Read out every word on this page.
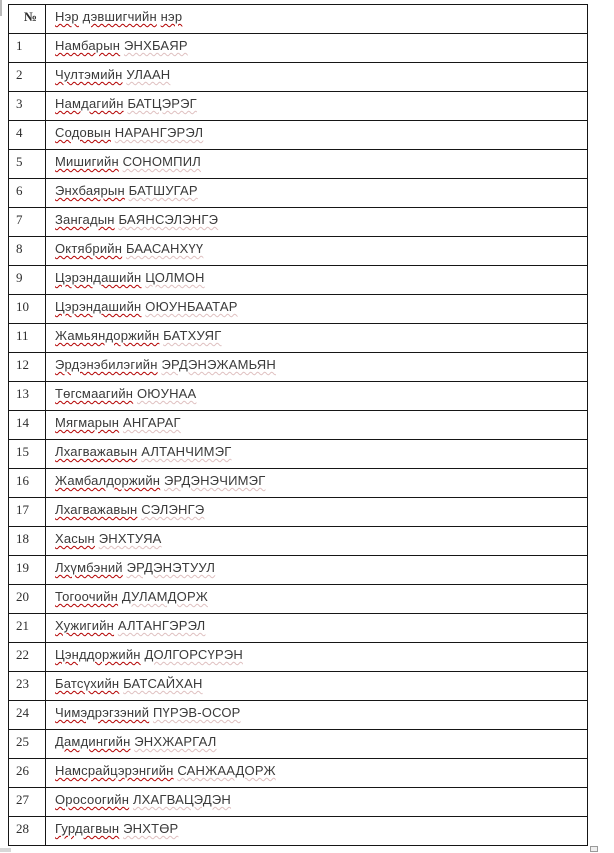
№	Нэр дэвшигчийн нэр
1	Намбарын ЭНХБАЯР
2	Чултэмийн УЛААН
3	Намдагийн БАТЦЭРЭГ
4	Содовын НАРАНГЭРЭЛ
5	Мишигийн СОНОМПИЛ
6	Энхбаярын БАТШУГАР
7	Зангадын БАЯНСЭЛЭНГЭ
8	Октябрийн БААСАНХҮҮ
9	Цэрэндашийн ЦОЛМОН
10	Цэрэндашийн ОЮУНБААТАР
11	Жамьяндоржийн БАТХУЯГ
12	Эрдэнэбилэгийн ЭРДЭНЭЖАМЬЯН
13	Төгсмаагийн ОЮУНАА
14	Мягмарын АНГАРАГ
15	Лхагважавын АЛТАНЧИМЭГ
16	Жамбалдоржийн ЭРДЭНЭЧИМЭГ
17	Лхагважавын СЭЛЭНГЭ
18	Хасын ЭНХТУЯА
19	Лхүмбэний ЭРДЭНЭТУУЛ
20	Тогоочийн ДУЛАМДОРЖ
21	Хужигийн АЛТАНГЭРЭЛ
22	Цэнддоржийн ДОЛГОРСҮРЭН
23	Батсүхийн БАТСАЙХАН
24	Чимэдрэгзэний ПҮРЭВ-ОСОР
25	Дамдингийн ЭНХЖАРГАЛ
26	Намсрайцэрэнгийн САНЖААДОРЖ
27	Оросоогийн ЛХАГВАЦЭДЭН
28	Гурдагвын ЭНХТӨР
